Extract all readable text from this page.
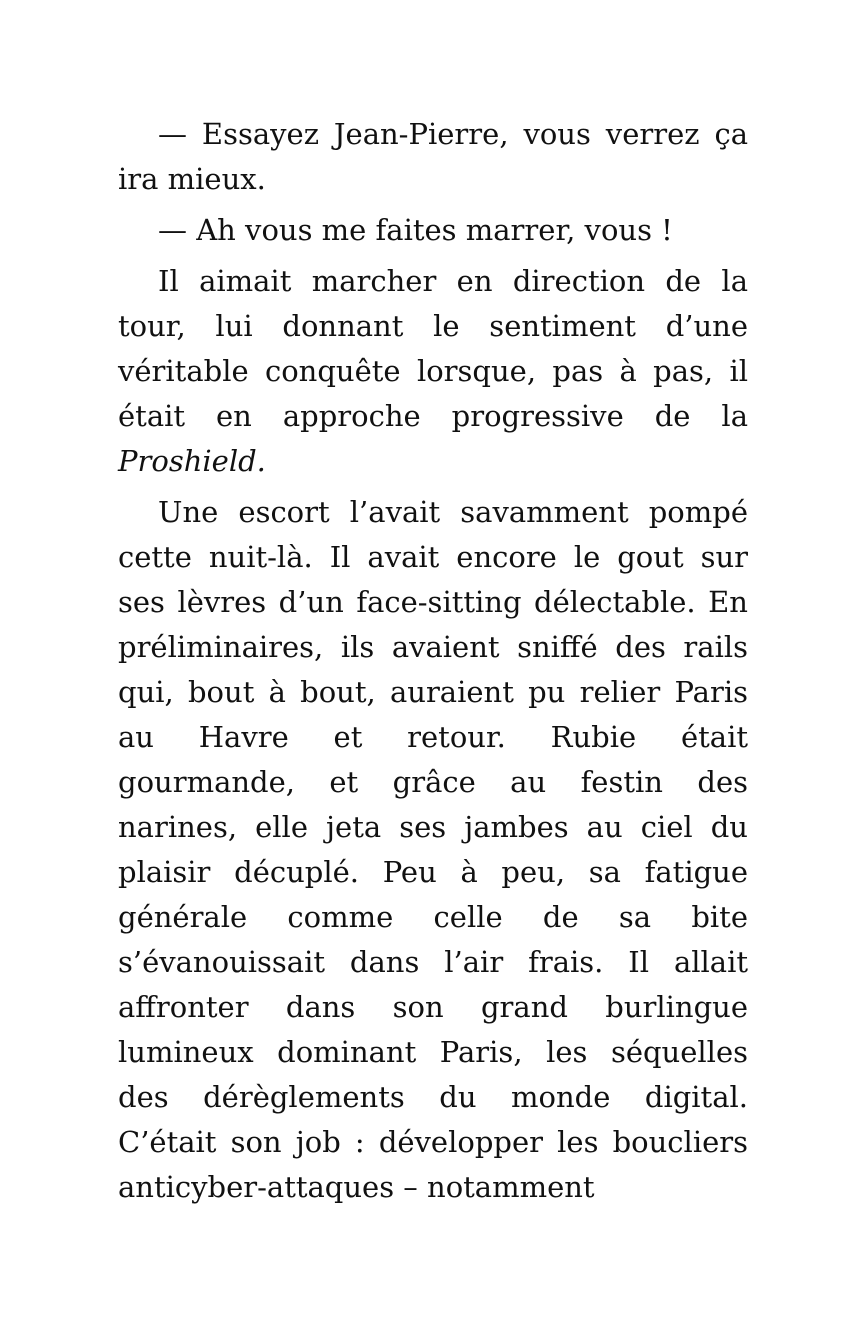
— Essayez Jean-Pierre, vous verrez ça ira mieux.

— Ah vous me faites marrer, vous !

Il aimait marcher en direction de la tour, lui donnant le sentiment d’une véritable conquête lorsque, pas à pas, il était en approche progressive de la Proshield.

Une escort l’avait savamment pompé cette nuit-là. Il avait encore le gout sur ses lèvres d’un face-sitting délectable. En préliminaires, ils avaient sniffé des rails qui, bout à bout, auraient pu relier Paris au Havre et retour. Rubie était gourmande, et grâce au festin des narines, elle jeta ses jambes au ciel du plaisir décuplé. Peu à peu, sa fatigue générale comme celle de sa bite s’évanouissait dans l’air frais. Il allait affronter dans son grand burlingue lumineux dominant Paris, les séquelles des dérèglements du monde digital. C’était son job : développer les boucliers anticyber-attaques – notamment
